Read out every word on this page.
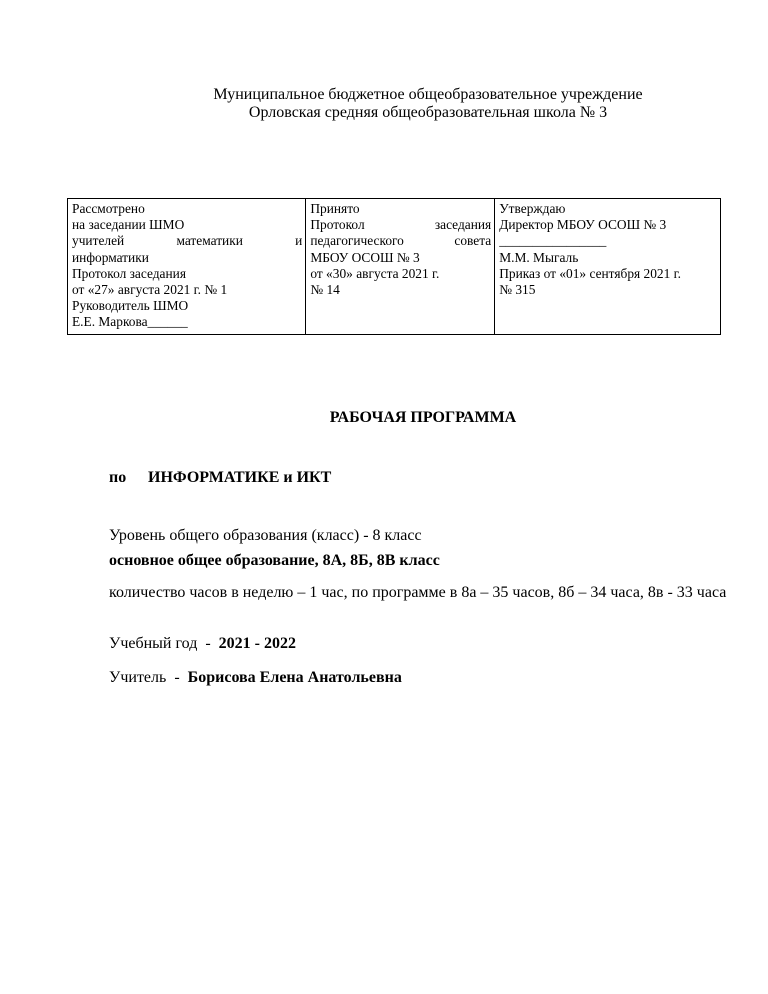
Муниципальное бюджетное общеобразовательное учреждение
Орловская средняя общеобразовательная школа № 3
Рассмотрено
на заседании ШМО
учителей	математики	и
информатики
Протокол заседания
от «27» августа 2021 г. № 1
Руководитель ШМО
Е.Е. Маркова______

Принято
Протокол	заседания
педагогического	совета
МБОУ ОСОШ № 3
от «30» августа 2021 г.
№ 14

Утверждаю
Директор МБОУ ОСОШ № 3
________________
М.М. Мыгаль
Приказ от «01» сентября 2021 г.
№ 315
РАБОЧАЯ ПРОГРАММА
по ИНФОРМАТИКЕ и ИКТ
Уровень общего образования (класс) - 8 класс
основное общее образование, 8А, 8Б, 8В класс
количество часов в неделю – 1 час, по программе в 8а – 35 часов, 8б – 34 часа, 8в - 33 часа
Учебный год  -  2021 - 2022
Учитель  -  Борисова Елена Анатольевна
